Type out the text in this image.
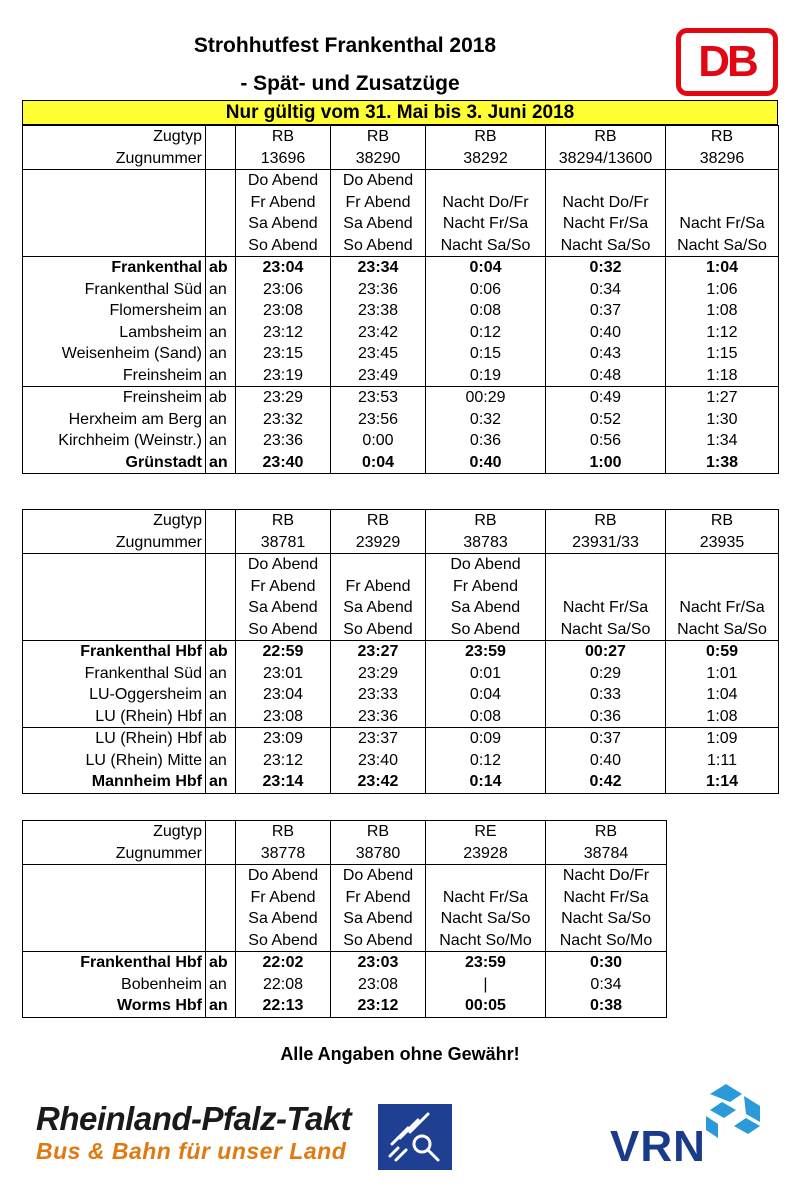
Strohhutfest Frankenthal 2018
- Spät- und Zusatzüge	DB
Nur gültig vom 31. Mai bis 3. Juni 2018
Zugtyp		RB	RB	RB	RB	RB
Zugnummer		13696	38290	38292	38294/13600	38296
		Do Abend	Do Abend			
		Fr Abend	Fr Abend	Nacht Do/Fr	Nacht Do/Fr	
		Sa Abend	Sa Abend	Nacht Fr/Sa	Nacht Fr/Sa	Nacht Fr/Sa
		So Abend	So Abend	Nacht Sa/So	Nacht Sa/So	Nacht Sa/So
Frankenthal	ab	23:04	23:34	0:04	0:32	1:04
Frankenthal Süd	an	23:06	23:36	0:06	0:34	1:06
Flomersheim	an	23:08	23:38	0:08	0:37	1:08
Lambsheim	an	23:12	23:42	0:12	0:40	1:12
Weisenheim (Sand)	an	23:15	23:45	0:15	0:43	1:15
Freinsheim	an	23:19	23:49	0:19	0:48	1:18
Freinsheim	ab	23:29	23:53	00:29	0:49	1:27
Herxheim am Berg	an	23:32	23:56	0:32	0:52	1:30
Kirchheim (Weinstr.)	an	23:36	0:00	0:36	0:56	1:34
Grünstadt	an	23:40	0:04	0:40	1:00	1:38
Zugtyp		RB	RB	RB	RB	RB
Zugnummer		38781	23929	38783	23931/33	23935
		Do Abend		Do Abend		
		Fr Abend	Fr Abend	Fr Abend		
		Sa Abend	Sa Abend	Sa Abend	Nacht Fr/Sa	Nacht Fr/Sa
		So Abend	So Abend	So Abend	Nacht Sa/So	Nacht Sa/So
Frankenthal Hbf	ab	22:59	23:27	23:59	00:27	0:59
Frankenthal Süd	an	23:01	23:29	0:01	0:29	1:01
LU-Oggersheim	an	23:04	23:33	0:04	0:33	1:04
LU (Rhein) Hbf	an	23:08	23:36	0:08	0:36	1:08
LU (Rhein) Hbf	ab	23:09	23:37	0:09	0:37	1:09
LU (Rhein) Mitte	an	23:12	23:40	0:12	0:40	1:11
Mannheim Hbf	an	23:14	23:42	0:14	0:42	1:14
Zugtyp		RB	RB	RE	RB
Zugnummer		38778	38780	23928	38784
		Do Abend	Do Abend		Nacht Do/Fr
		Fr Abend	Fr Abend	Nacht Fr/Sa	Nacht Fr/Sa
		Sa Abend	Sa Abend	Nacht Sa/So	Nacht Sa/So
		So Abend	So Abend	Nacht So/Mo	Nacht So/Mo
Frankenthal Hbf	ab	22:02	23:03	23:59	0:30
Bobenheim	an	22:08	23:08	|	0:34
Worms Hbf	an	22:13	23:12	00:05	0:38
Alle Angaben ohne Gewähr!
Rheinland-Pfalz-Takt
Bus & Bahn für unser Land	VRN
